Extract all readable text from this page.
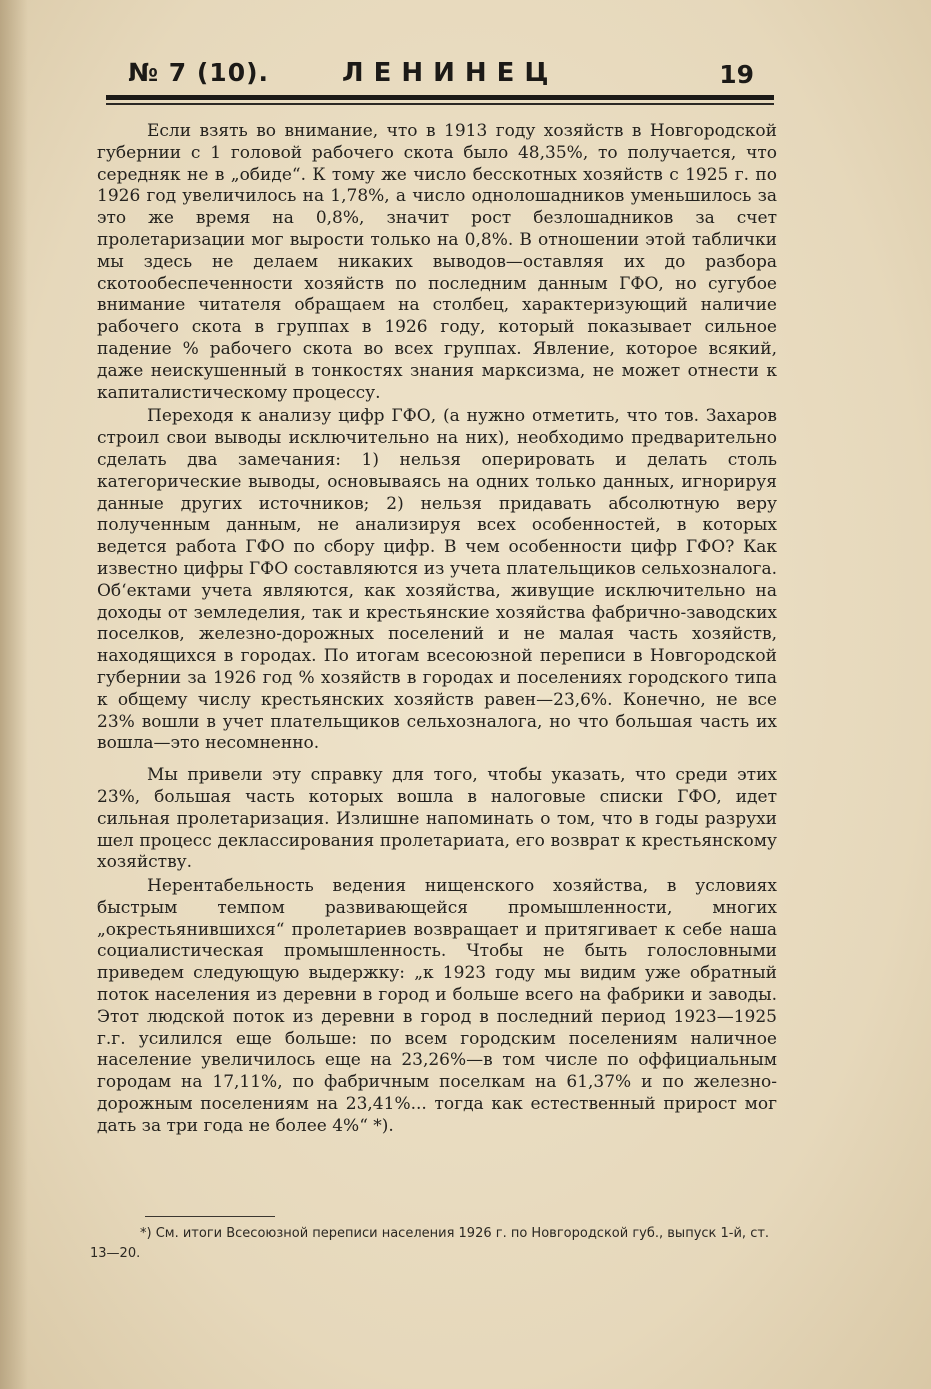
№ 7 (10).	ЛЕНИНЕЦ	19

Если взять во внимание, что в 1913 году хозяйств в Новгородской губернии с 1 головой рабочего скота было 48,35%, то получается, что середняк не в „обиде“. К тому же число бесскотных хозяйств с 1925 г. по 1926 год увеличилось на 1,78%, а число однолошадников уменьшилось за это же время на 0,8%, значит рост безлошадников за счет пролетаризации мог вырости только на 0,8%. В отношении этой таблички мы здесь не делаем никаких выводов—оставляя их до разбора скотообеспеченности хозяйств по последним данным ГФО, но сугубое внимание читателя обращаем на столбец, характеризующий наличие рабочего скота в группах в 1926 году, который показывает сильное падение % рабочего скота во всех группах. Явление, которое всякий, даже неискушенный в тонкостях знания марксизма, не может отнести к капиталистическому процессу.

Переходя к анализу цифр ГФО, (а нужно отметить, что тов. Захаров строил свои выводы исключительно на них), необходимо предварительно сделать два замечания: 1) нельзя оперировать и делать столь категорические выводы, основываясь на одних только данных, игнорируя данные других источников; 2) нельзя придавать абсолютную веру полученным данным, не анализируя всех особенностей, в которых ведется работа ГФО по сбору цифр. В чем особенности цифр ГФО? Как известно цифры ГФО составляются из учета плательщиков сельхозналога. Об‘ектами учета являются, как хозяйства, живущие исключительно на доходы от земледелия, так и крестьянские хозяйства фабрично-заводских поселков, железно-дорожных поселений и не малая часть хозяйств, находящихся в городах. По итогам всесоюзной переписи в Новгородской губернии за 1926 год % хозяйств в городах и поселениях городского типа к общему числу крестьянских хозяйств равен—23,6%. Конечно, не все 23% вошли в учет плательщиков сельхозналога, но что большая часть их вошла—это несомненно.

Мы привели эту справку для того, чтобы указать, что среди этих 23%, большая часть которых вошла в налоговые списки ГФО, идет сильная пролетаризация. Излишне напоминать о том, что в годы разрухи шел процесс деклассирования пролетариата, его возврат к крестьянскому хозяйству.

Нерентабельность ведения нищенского хозяйства, в условиях быстрым темпом развивающейся промышленности, многих „окрестьянившихся“ пролетариев возвращает и притягивает к себе наша социалистическая промышленность. Чтобы не быть голословными приведем следующую выдержку: „к 1923 году мы видим уже обратный поток населения из деревни в город и больше всего на фабрики и заводы. Этот людской поток из деревни в город в последний период 1923—1925 г.г. усилился еще больше: по всем городским поселениям наличное население увеличилось еще на 23,26%—в том числе по оффициальным городам на 17,11%, по фабричным поселкам на 61,37% и по железно-дорожным поселениям на 23,41%... тогда как естественный прирост мог дать за три года не более 4%“ *).

*) См. итоги Всесоюзной переписи населения 1926 г. по Новгородской губ., выпуск 1-й, ст. 13—20.
